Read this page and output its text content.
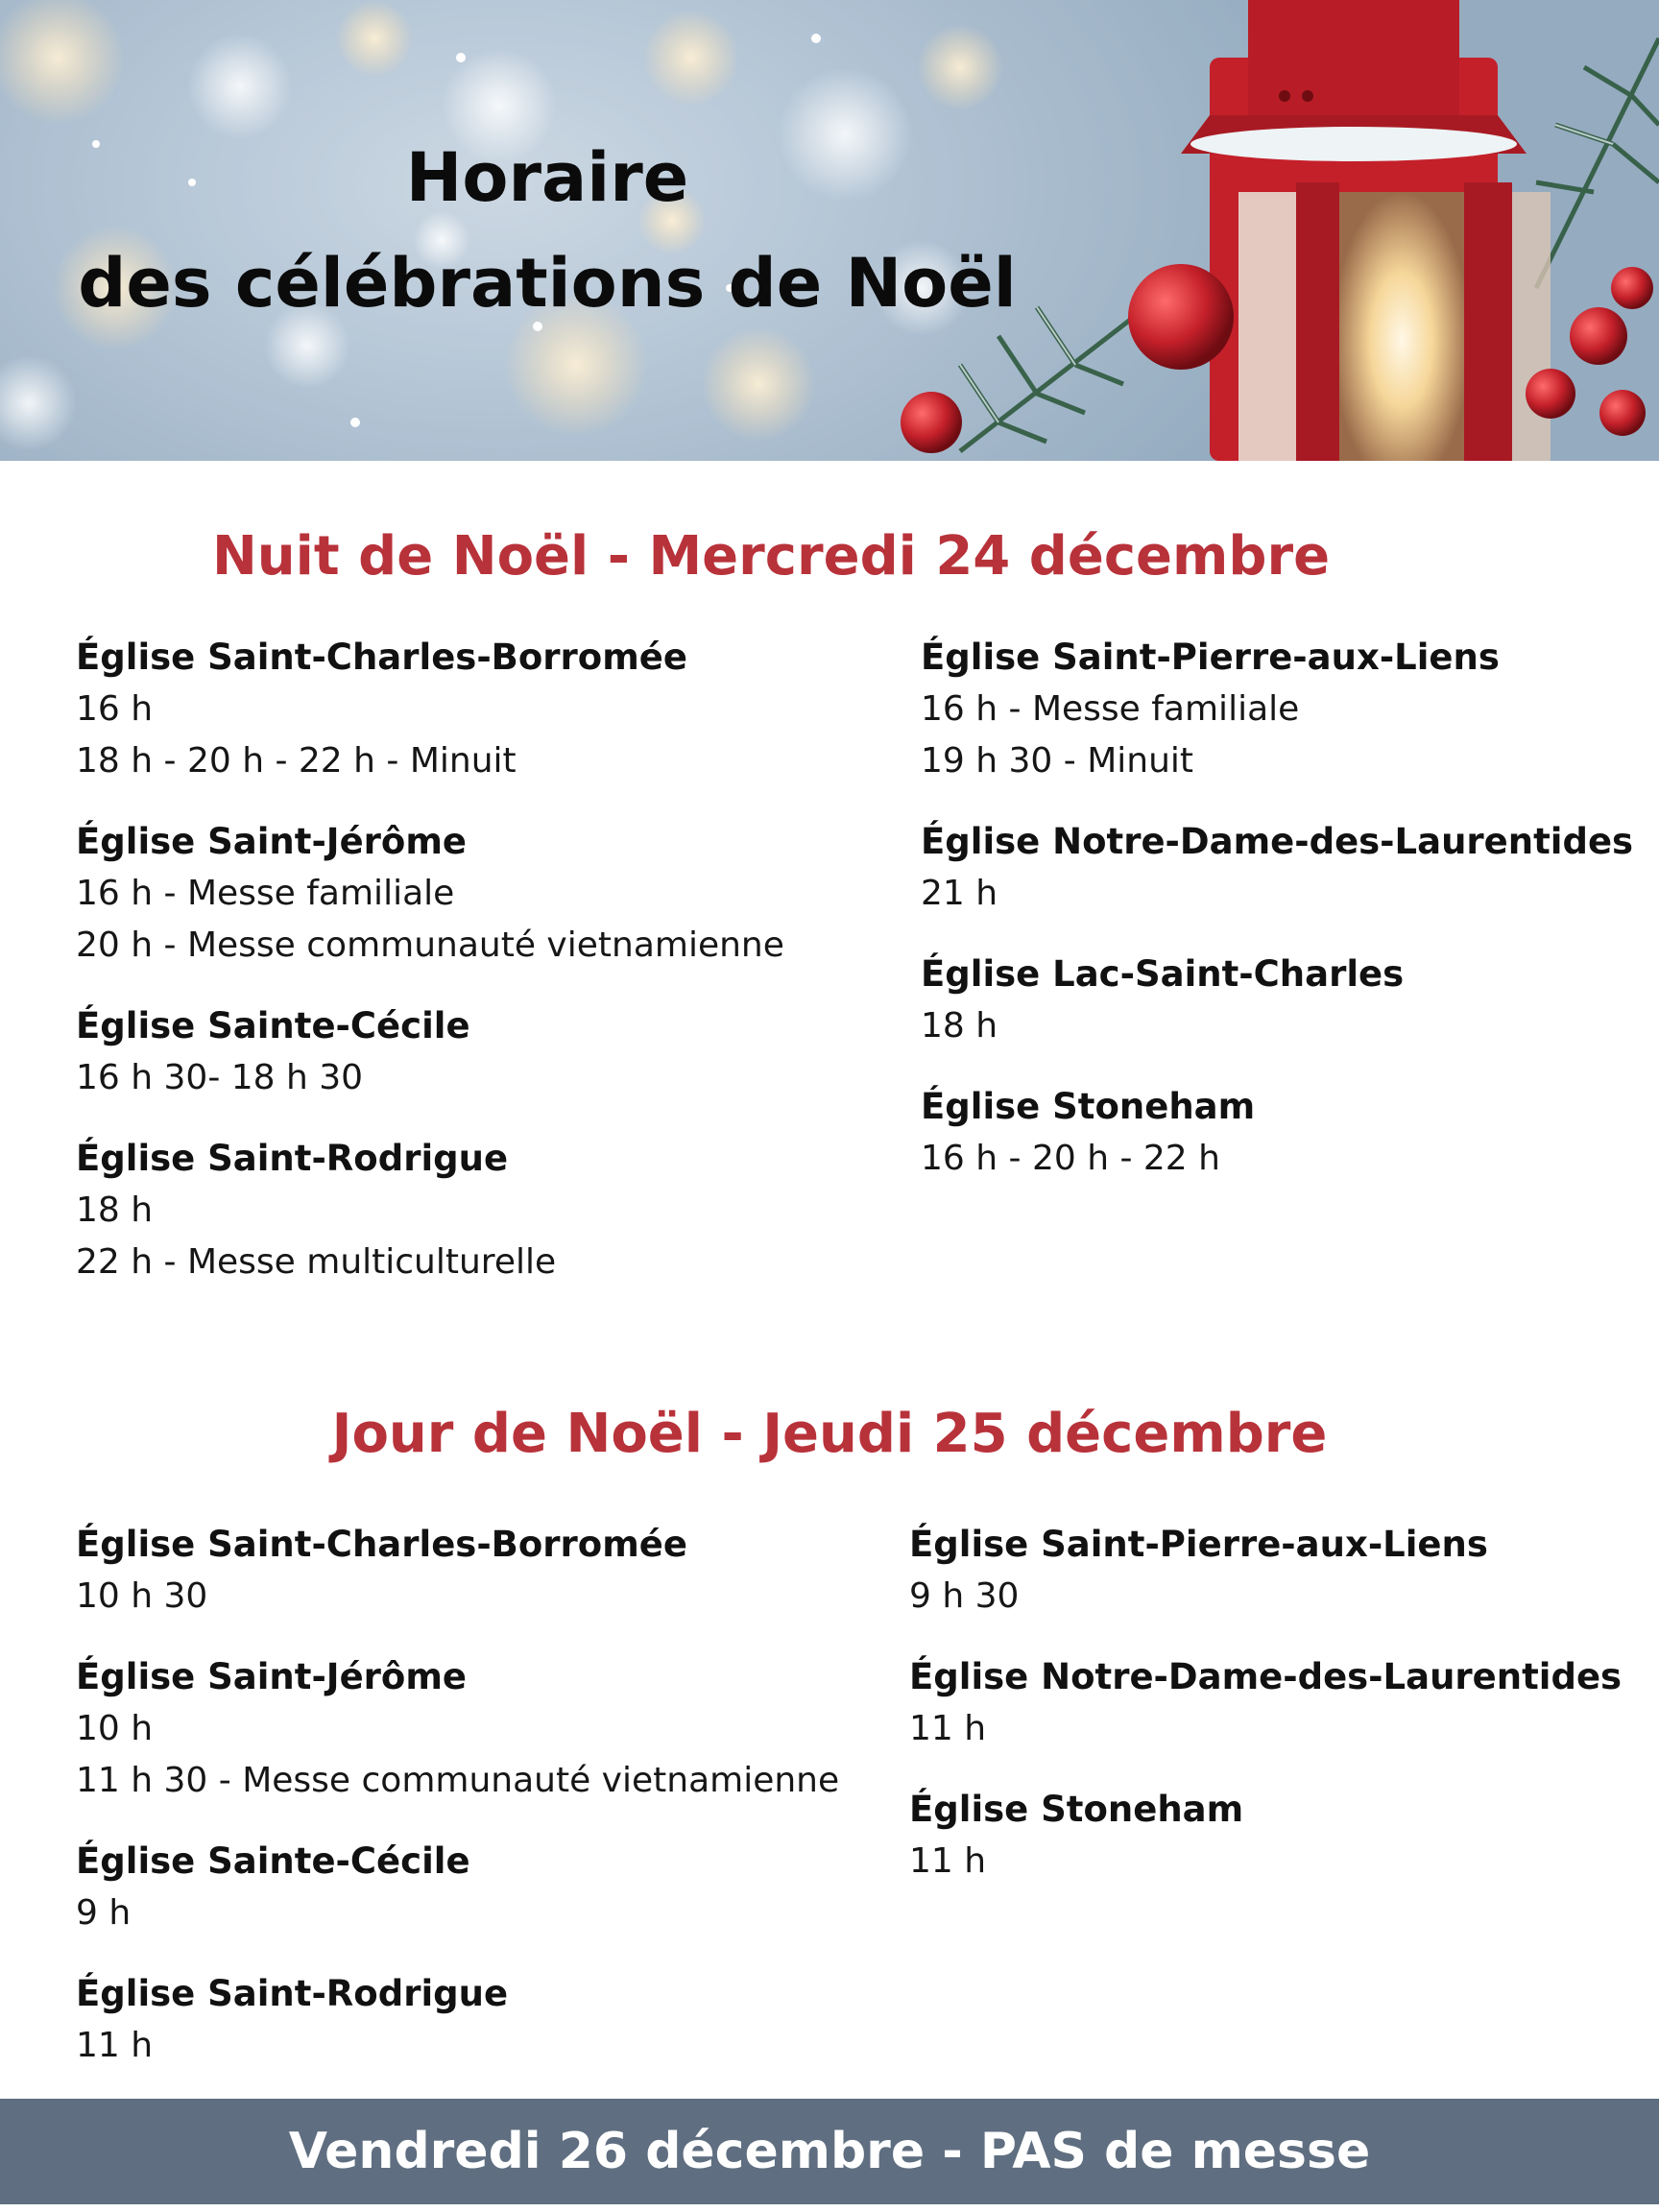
Horaire
des célébrations de Noël
Nuit de Noël - Mercredi 24 décembre
Église Saint-Charles-Borromée
16 h
18 h - 20 h - 22 h - Minuit
Église Saint-Jérôme
16 h - Messe familiale
20 h - Messe communauté vietnamienne
Église Sainte-Cécile
16 h 30- 18 h 30
Église Saint-Rodrigue
18 h
22 h - Messe multiculturelle
Église Saint-Pierre-aux-Liens
16 h - Messe familiale
19 h 30 - Minuit
Église Notre-Dame-des-Laurentides
21 h
Église Lac-Saint-Charles
18 h
Église Stoneham
16 h - 20 h - 22 h
Jour de Noël - Jeudi 25 décembre
Église Saint-Charles-Borromée
10 h 30
Église Saint-Jérôme
10 h
11 h 30 - Messe communauté vietnamienne
Église Sainte-Cécile
9 h
Église Saint-Rodrigue
11 h
Église Saint-Pierre-aux-Liens
9 h 30
Église Notre-Dame-des-Laurentides
11 h
Église Stoneham
11 h
Vendredi 26 décembre - PAS de messe
